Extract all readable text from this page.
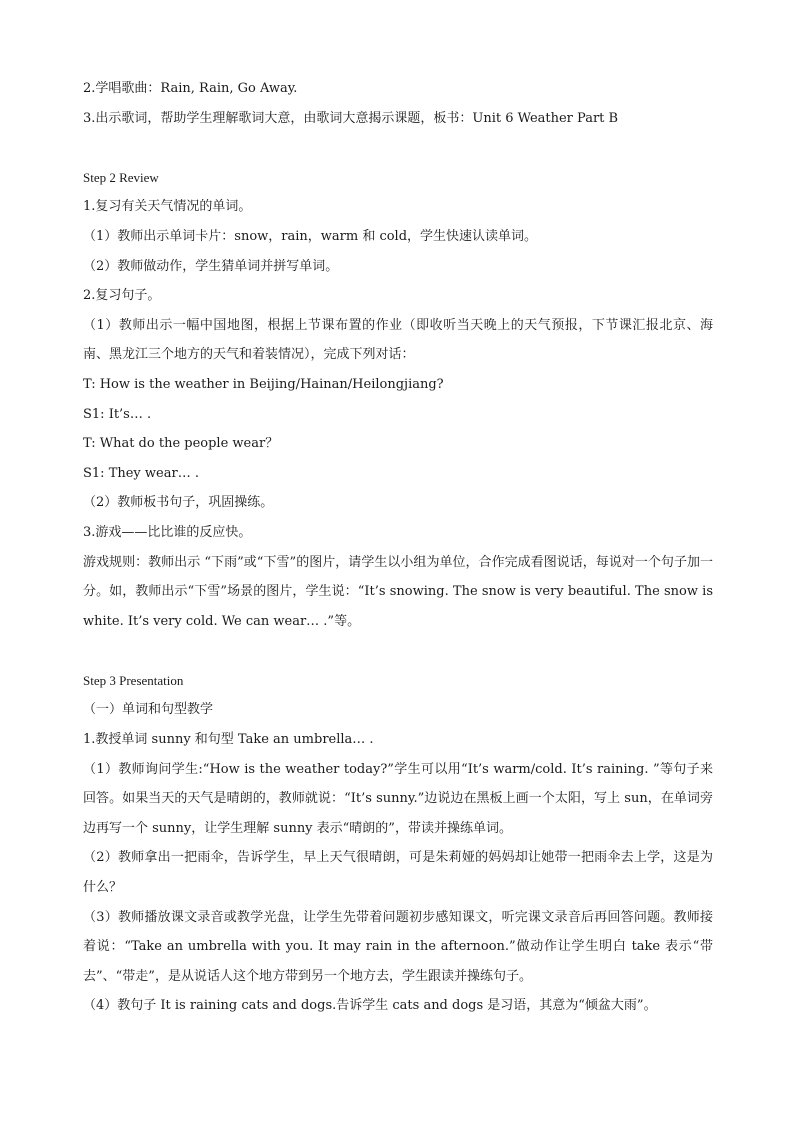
2.学唱歌曲：Rain, Rain, Go Away.

3.出示歌词，帮助学生理解歌词大意，由歌词大意揭示课题，板书：Unit 6 Weather Part B

Step 2 Review

1.复习有关天气情况的单词。

（1）教师出示单词卡片：snow，rain，warm 和 cold，学生快速认读单词。

（2）教师做动作，学生猜单词并拼写单词。

2.复习句子。

（1）教师出示一幅中国地图，根据上节课布置的作业（即收听当天晚上的天气预报，下节课汇报北京、海南、黑龙江三个地方的天气和着装情况），完成下列对话：

T: How is the weather in Beijing/Hainan/Heilongjiang?

S1: It’s… .

T: What do the people wear？

S1: They wear… .

（2）教师板书句子，巩固操练。

3.游戏——比比谁的反应快。

游戏规则：教师出示 “下雨”或“下雪”的图片，请学生以小组为单位，合作完成看图说话，每说对一个句子加一分。如，教师出示“下雪”场景的图片，学生说：“It’s snowing. The snow is very beautiful. The snow is white. It’s very cold. We can wear… .”等。

Step 3 Presentation

（一）单词和句型教学

1.教授单词 sunny 和句型 Take an umbrella… .

（1）教师询问学生:“How is the weather today?”学生可以用“It’s warm/cold. It’s raining. ”等句子来回答。如果当天的天气是晴朗的，教师就说：“It’s sunny.”边说边在黑板上画一个太阳，写上 sun，在单词旁边再写一个 sunny，让学生理解 sunny 表示“晴朗的”，带读并操练单词。

（2）教师拿出一把雨伞，告诉学生，早上天气很晴朗，可是朱莉娅的妈妈却让她带一把雨伞去上学，这是为什么？

（3）教师播放课文录音或教学光盘，让学生先带着问题初步感知课文，听完课文录音后再回答问题。教师接着说：“Take an umbrella with you. It may rain in the afternoon.”做动作让学生明白 take 表示“带去”、“带走”，是从说话人这个地方带到另一个地方去，学生跟读并操练句子。

（4）教句子 It is raining cats and dogs.告诉学生 cats and dogs 是习语，其意为“倾盆大雨”。
